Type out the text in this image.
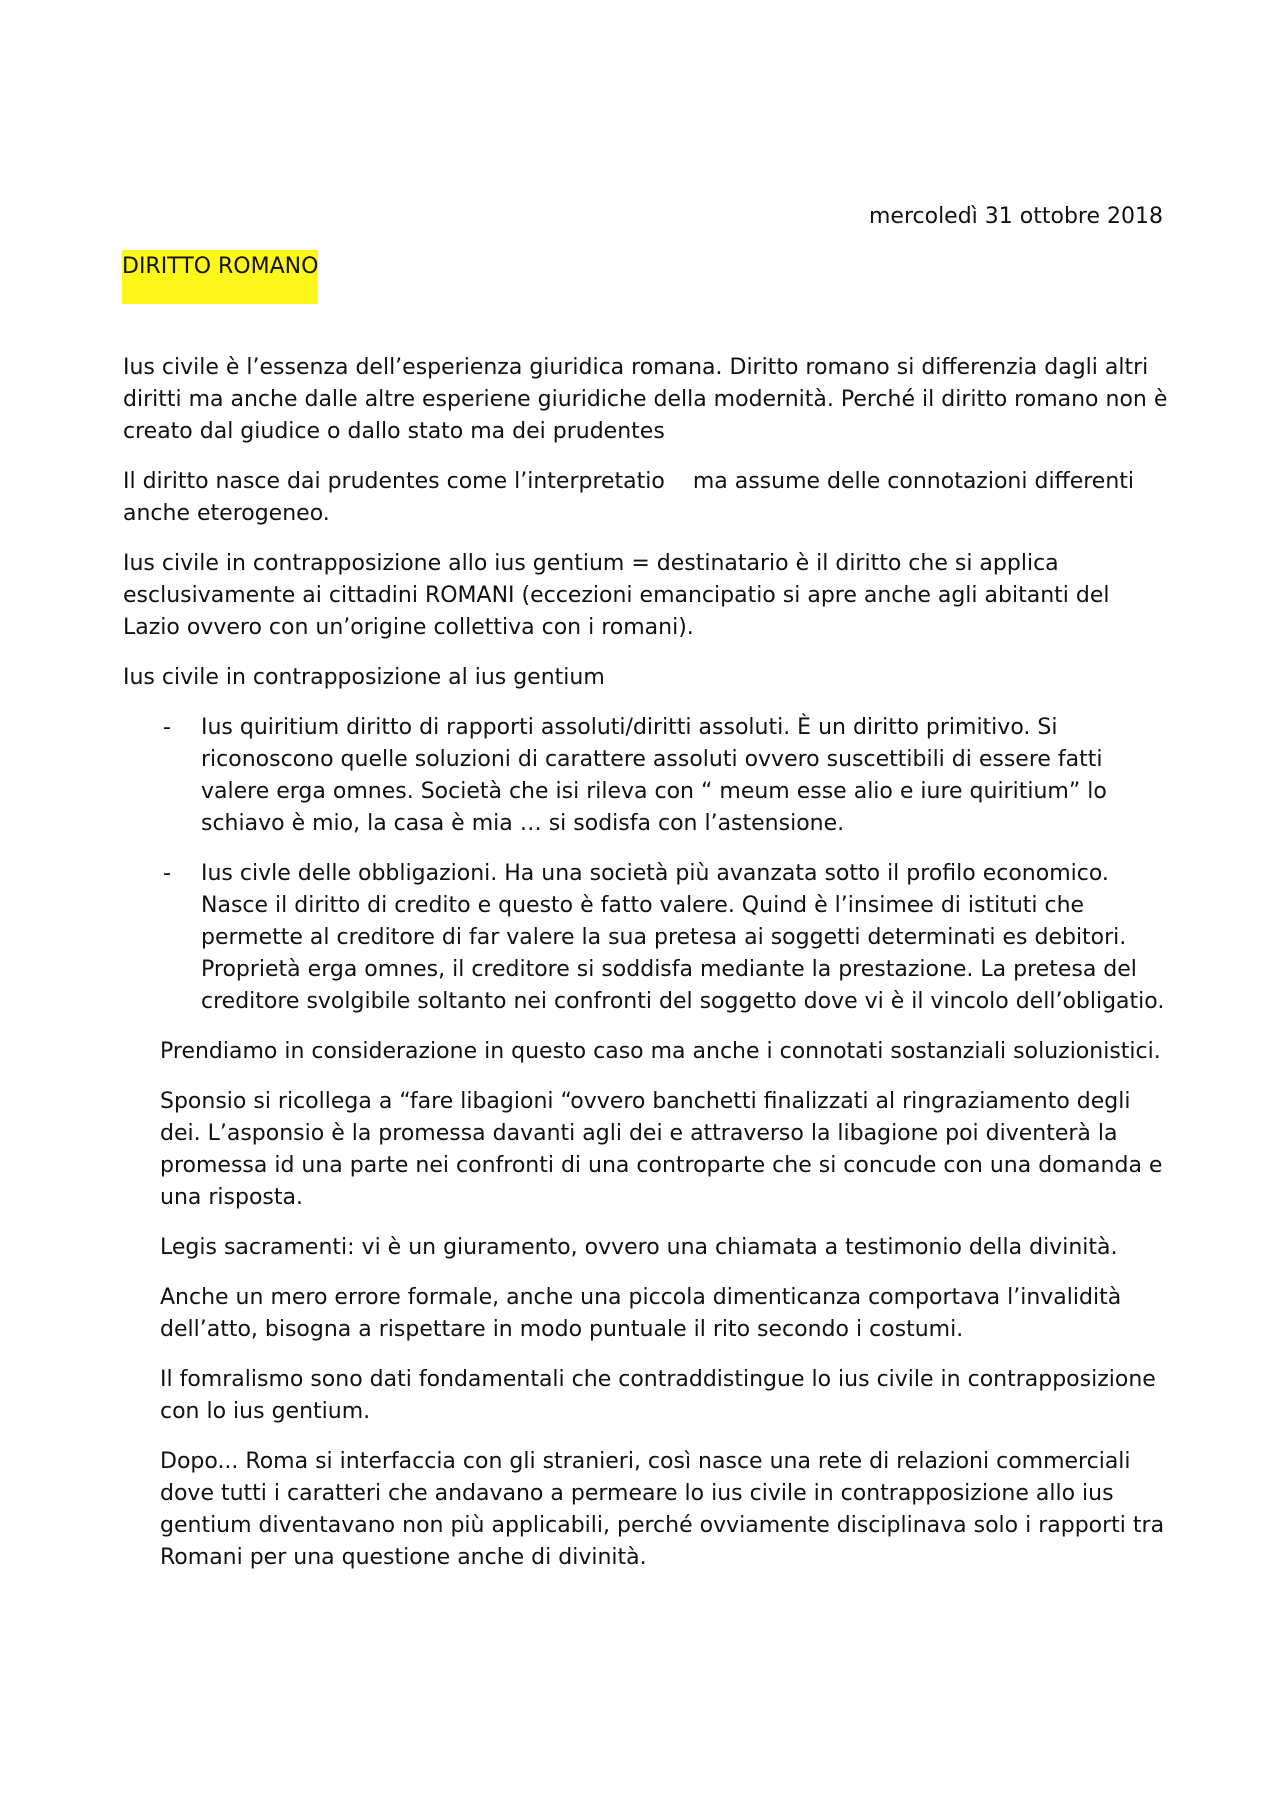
mercoledì 31 ottobre 2018
DIRITTO ROMANO

Ius civile è l’essenza dell’esperienza giuridica romana. Diritto romano si differenzia dagli altri diritti ma anche dalle altre esperiene giuridiche della modernità. Perché il diritto romano non è creato dal giudice o dallo stato ma dei prudentes

Il diritto nasce dai prudentes come l’interpretatio    ma assume delle connotazioni differenti anche eterogeneo.

Ius civile in contrapposizione allo ius gentium = destinatario è il diritto che si applica esclusivamente ai cittadini ROMANI (eccezioni emancipatio si apre anche agli abitanti del Lazio ovvero con un’origine collettiva con i romani).

Ius civile in contrapposizione al ius gentium

- Ius quiritium diritto di rapporti assoluti/diritti assoluti. È un diritto primitivo. Si riconoscono quelle soluzioni di carattere assoluti ovvero suscettibili di essere fatti valere erga omnes. Società che isi rileva con “ meum esse alio e iure quiritium” lo schiavo è mio, la casa è mia … si sodisfa con l’astensione.
- Ius civle delle obbligazioni. Ha una società più avanzata sotto il profilo economico. Nasce il diritto di credito e questo è fatto valere. Quind è l’insimee di istituti che permette al creditore di far valere la sua pretesa ai soggetti determinati es debitori. Proprietà erga omnes, il creditore si soddisfa mediante la prestazione. La pretesa del creditore svolgibile soltanto nei confronti del soggetto dove vi è il vincolo dell’obligatio.

Prendiamo in considerazione in questo caso ma anche i connotati sostanziali soluzionistici.

Sponsio si ricollega a “fare libagioni “ovvero banchetti finalizzati al ringraziamento degli dei. L’asponsio è la promessa davanti agli dei e attraverso la libagione poi diventerà la promessa id una parte nei confronti di una controparte che si concude con una domanda e una risposta.

Legis sacramenti: vi è un giuramento, ovvero una chiamata a testimonio della divinità.

Anche un mero errore formale, anche una piccola dimenticanza comportava l’invalidità dell’atto, bisogna a rispettare in modo puntuale il rito secondo i costumi.

Il fomralismo sono dati fondamentali che contraddistingue lo ius civile in contrapposizione con lo ius gentium.

Dopo... Roma si interfaccia con gli stranieri, così nasce una rete di relazioni commerciali dove tutti i caratteri che andavano a permeare lo ius civile in contrapposizione allo ius gentium diventavano non più applicabili, perché ovviamente disciplinava solo i rapporti tra Romani per una questione anche di divinità.
